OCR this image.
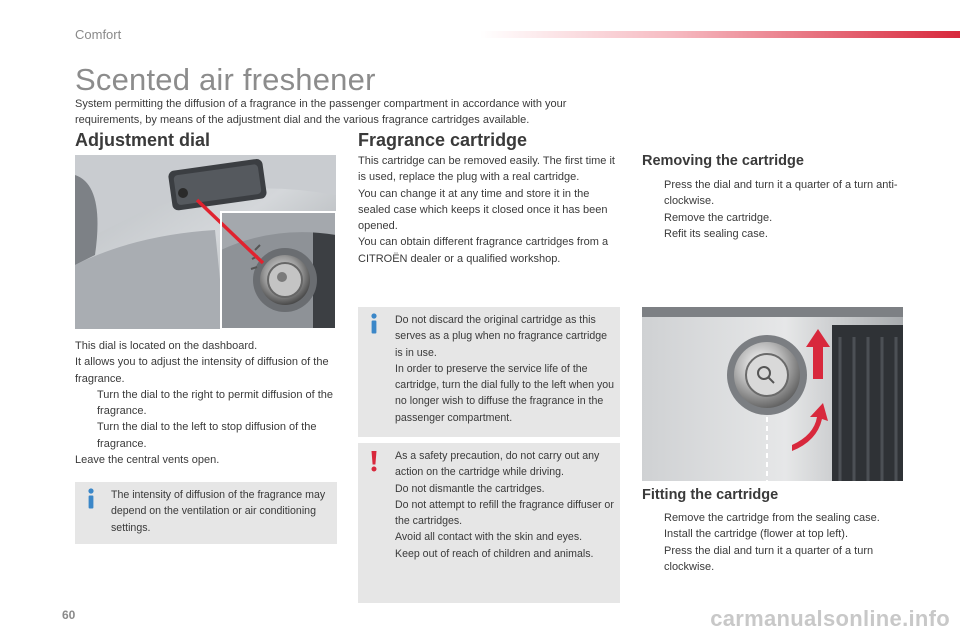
Comfort
Scented air freshener
System permitting the diffusion of a fragrance in the passenger compartment in accordance with your requirements, by means of the adjustment dial and the various fragrance cartridges available.
Adjustment dial

This dial is located on the dashboard.

It allows you to adjust the intensity of diffusion of the fragrance.

Turn the dial to the right to permit diffusion of the fragrance.
Turn the dial to the left to stop diffusion of the fragrance.

Leave the central vents open.

The intensity of diffusion of the fragrance may depend on the ventilation or air conditioning settings.
Fragrance cartridge

This cartridge can be removed easily. The first time it is used, replace the plug with a real cartridge.

You can change it at any time and store it in the sealed case which keeps it closed once it has been opened.

You can obtain different fragrance cartridges from a CITROËN dealer or a qualified workshop.

Do not discard the original cartridge as this serves as a plug when no fragrance cartridge is in use.

In order to preserve the service life of the cartridge, turn the dial fully to the left when you no longer wish to diffuse the fragrance in the passenger compartment.

As a safety precaution, do not carry out any action on the cartridge while driving.

Do not dismantle the cartridges.

Do not attempt to refill the fragrance diffuser or the cartridges.

Avoid all contact with the skin and eyes.

Keep out of reach of children and animals.

Removing the cartridge
Press the dial and turn it a quarter of a turn anti-clockwise.
Remove the cartridge.
Refit its sealing case.
Fitting the cartridge
Remove the cartridge from the sealing case.
Install the cartridge (flower at top left).
Press the dial and turn it a quarter of a turn clockwise.
60	carmanualsonline.info
